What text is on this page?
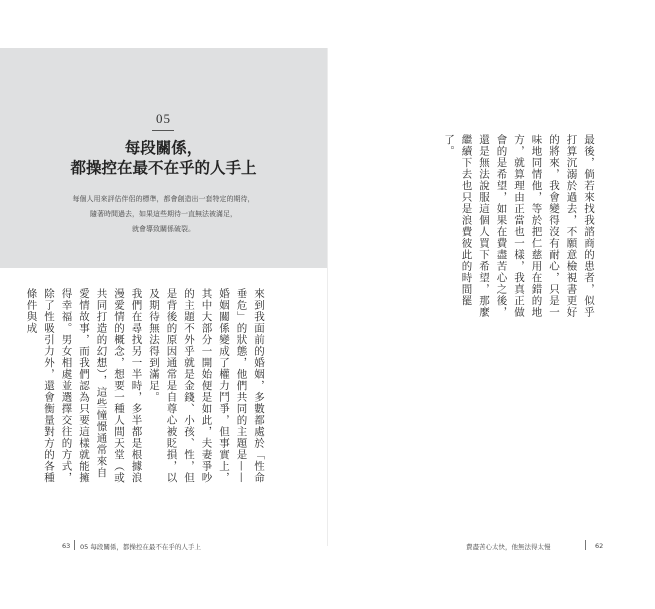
05
每段關係，
都操控在最不在乎的人手上
每個人用來評估伴侶的標準，都會創造出一套特定的期待，
隨著時間過去，如果這些期待一直無法被滿足，
就會導致關係破裂。

來到我面前的婚姻，多數都處於「性命垂危」的狀態，他們共同的主題是——婚姻關係變成了權力鬥爭，但事實上，其中大部分一開始便是如此，夫妻爭吵的主題不外乎就是金錢、小孩、性，但是背後的原因通常是自尊心被貶損，以及期待無法得到滿足。

我們在尋找另一半時，多半都是根據浪漫愛情的概念，想要一種人間天堂（或共同打造的幻想），這些憧憬通常來自愛情故事，而我們認為只要這樣就能擁得幸福。男女相處並選擇交往的方式，除了性吸引力外，還會衡量對方的各種條件與成

63 05 每段關係，都操控在最不在乎的人手上

最後，倘若來找我諮商的患者，似乎打算沉溺於過去，不願意檢視書更好的將來，我會變得沒有耐心，只是一味地同情他，等於把仁慈用在錯的地方，就算理由正當也一樣，我真正做會的是希望，如果在費盡苦心之後，還是無法說服這個人買下希望，那麼繼續下去也只是浪費彼此的時間罷了。

費盡苦心太快，他無法得太慢	62
